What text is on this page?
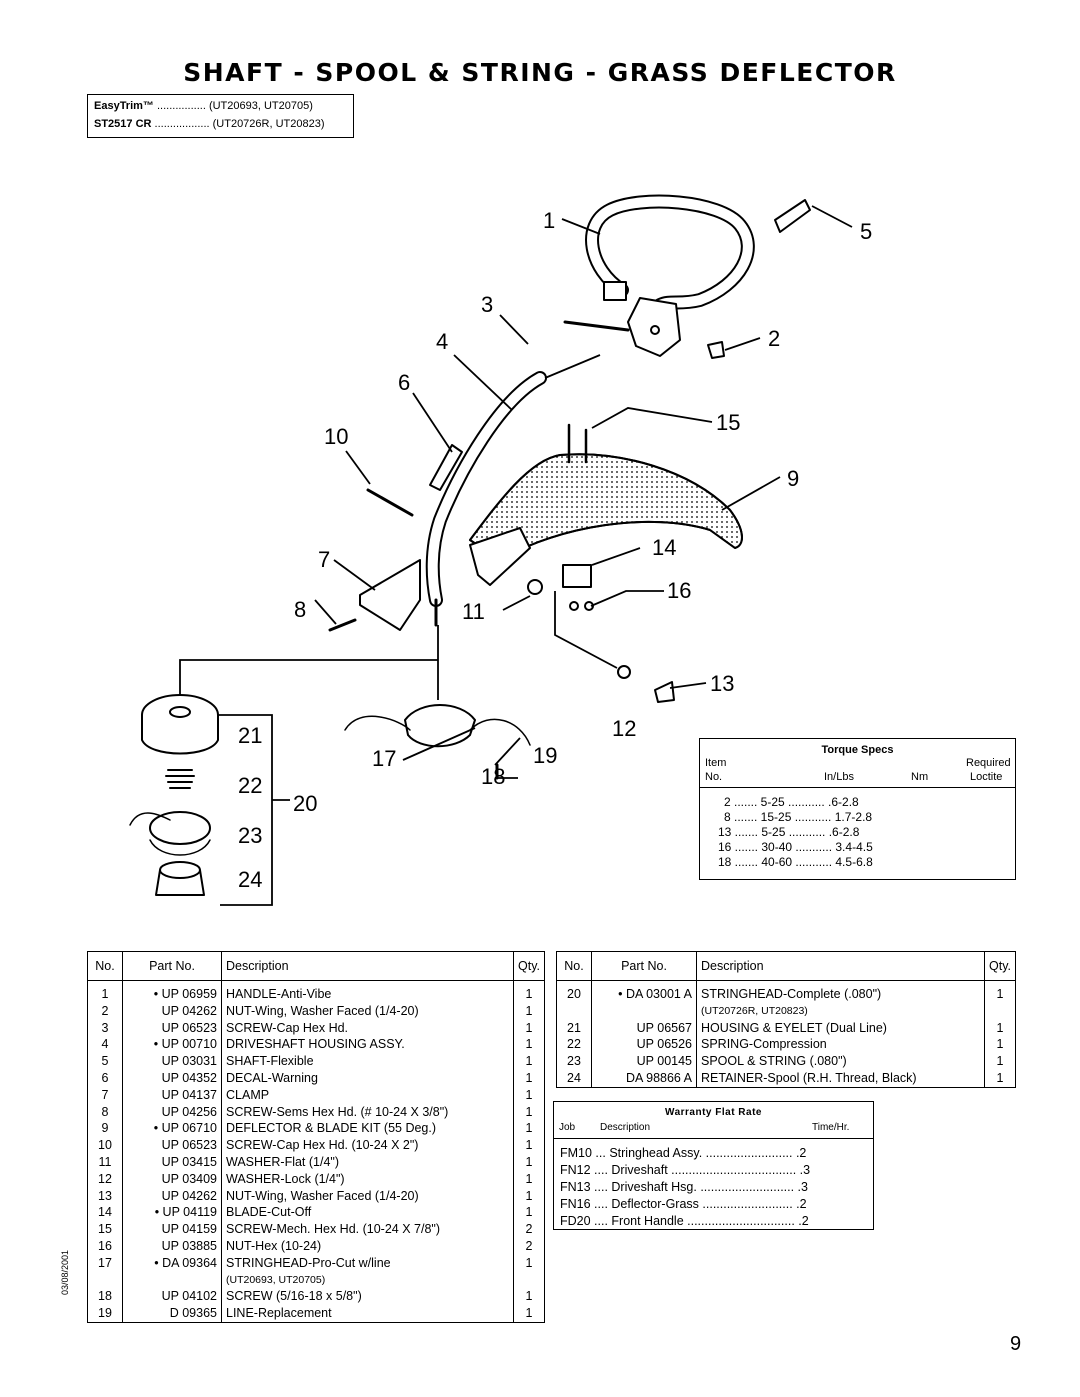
SHAFT - SPOOL & STRING - GRASS DEFLECTOR
EasyTrim™ ................ (UT20693, UT20705)
ST2517 CR .................. (UT20726R, UT20823)
1	5
3
2
4
6
15
10
9
14
7
16
8	11
13
12
21
17	19
18
22
20
23
24
Torque Specs
Item
No.	In/Lbs	Nm
Required
Loctite
2 ....... 5-25 ........... .6-2.8
8 ....... 15-25 ........... 1.7-2.8
13 ....... 5-25 ........... .6-2.8
16 ....... 30-40 ........... 3.4-4.5
18 ....... 40-60 ........... 4.5-6.8
No.	Part No.	Description	Qty.
1	• UP 06959	HANDLE-Anti-Vibe	1
2	UP 04262	NUT-Wing, Washer Faced (1/4-20)	1
3	UP 06523	SCREW-Cap Hex Hd.	1
4	• UP 00710	DRIVESHAFT HOUSING ASSY.	1
5	UP 03031	SHAFT-Flexible	1
6	UP 04352	DECAL-Warning	1
7	UP 04137	CLAMP	1
8	UP 04256	SCREW-Sems Hex Hd. (# 10-24 X 3/8")	1
9	• UP 06710	DEFLECTOR & BLADE KIT (55 Deg.)	1
10	UP 06523	SCREW-Cap Hex Hd. (10-24 X 2")	1
11	UP 03415	WASHER-Flat (1/4")	1
12	UP 03409	WASHER-Lock (1/4")	1
13	UP 04262	NUT-Wing, Washer Faced (1/4-20)	1
14	• UP 04119	BLADE-Cut-Off	1
15	UP 04159	SCREW-Mech. Hex Hd. (10-24 X 7/8")	2
16	UP 03885	NUT-Hex (10-24)	2
17	• DA 09364	STRINGHEAD-Pro-Cut w/line	1
		(UT20693, UT20705)	
18	UP 04102	SCREW (5/16-18 x 5/8")	1
19	D 09365	LINE-Replacement	1
No.	Part No.	Description	Qty.
20	• DA 03001 A	STRINGHEAD-Complete (.080")	1
		(UT20726R, UT20823)	
21	UP 06567	HOUSING & EYELET (Dual Line)	1
22	UP 06526	SPRING-Compression	1
23	UP 00145	SPOOL & STRING (.080")	1
24	DA 98866 A	RETAINER-Spool (R.H. Thread, Black)	1
Warranty Flat Rate
Job Description	Time/Hr.
FM10 ... Stringhead Assy. ......................... .2
FN12 .... Driveshaft .................................... .3
FN13 .... Driveshaft Hsg. ........................... .3
FN16 .... Deflector-Grass .......................... .2
FD20 .... Front Handle ............................... .2
03/08/2001
9
